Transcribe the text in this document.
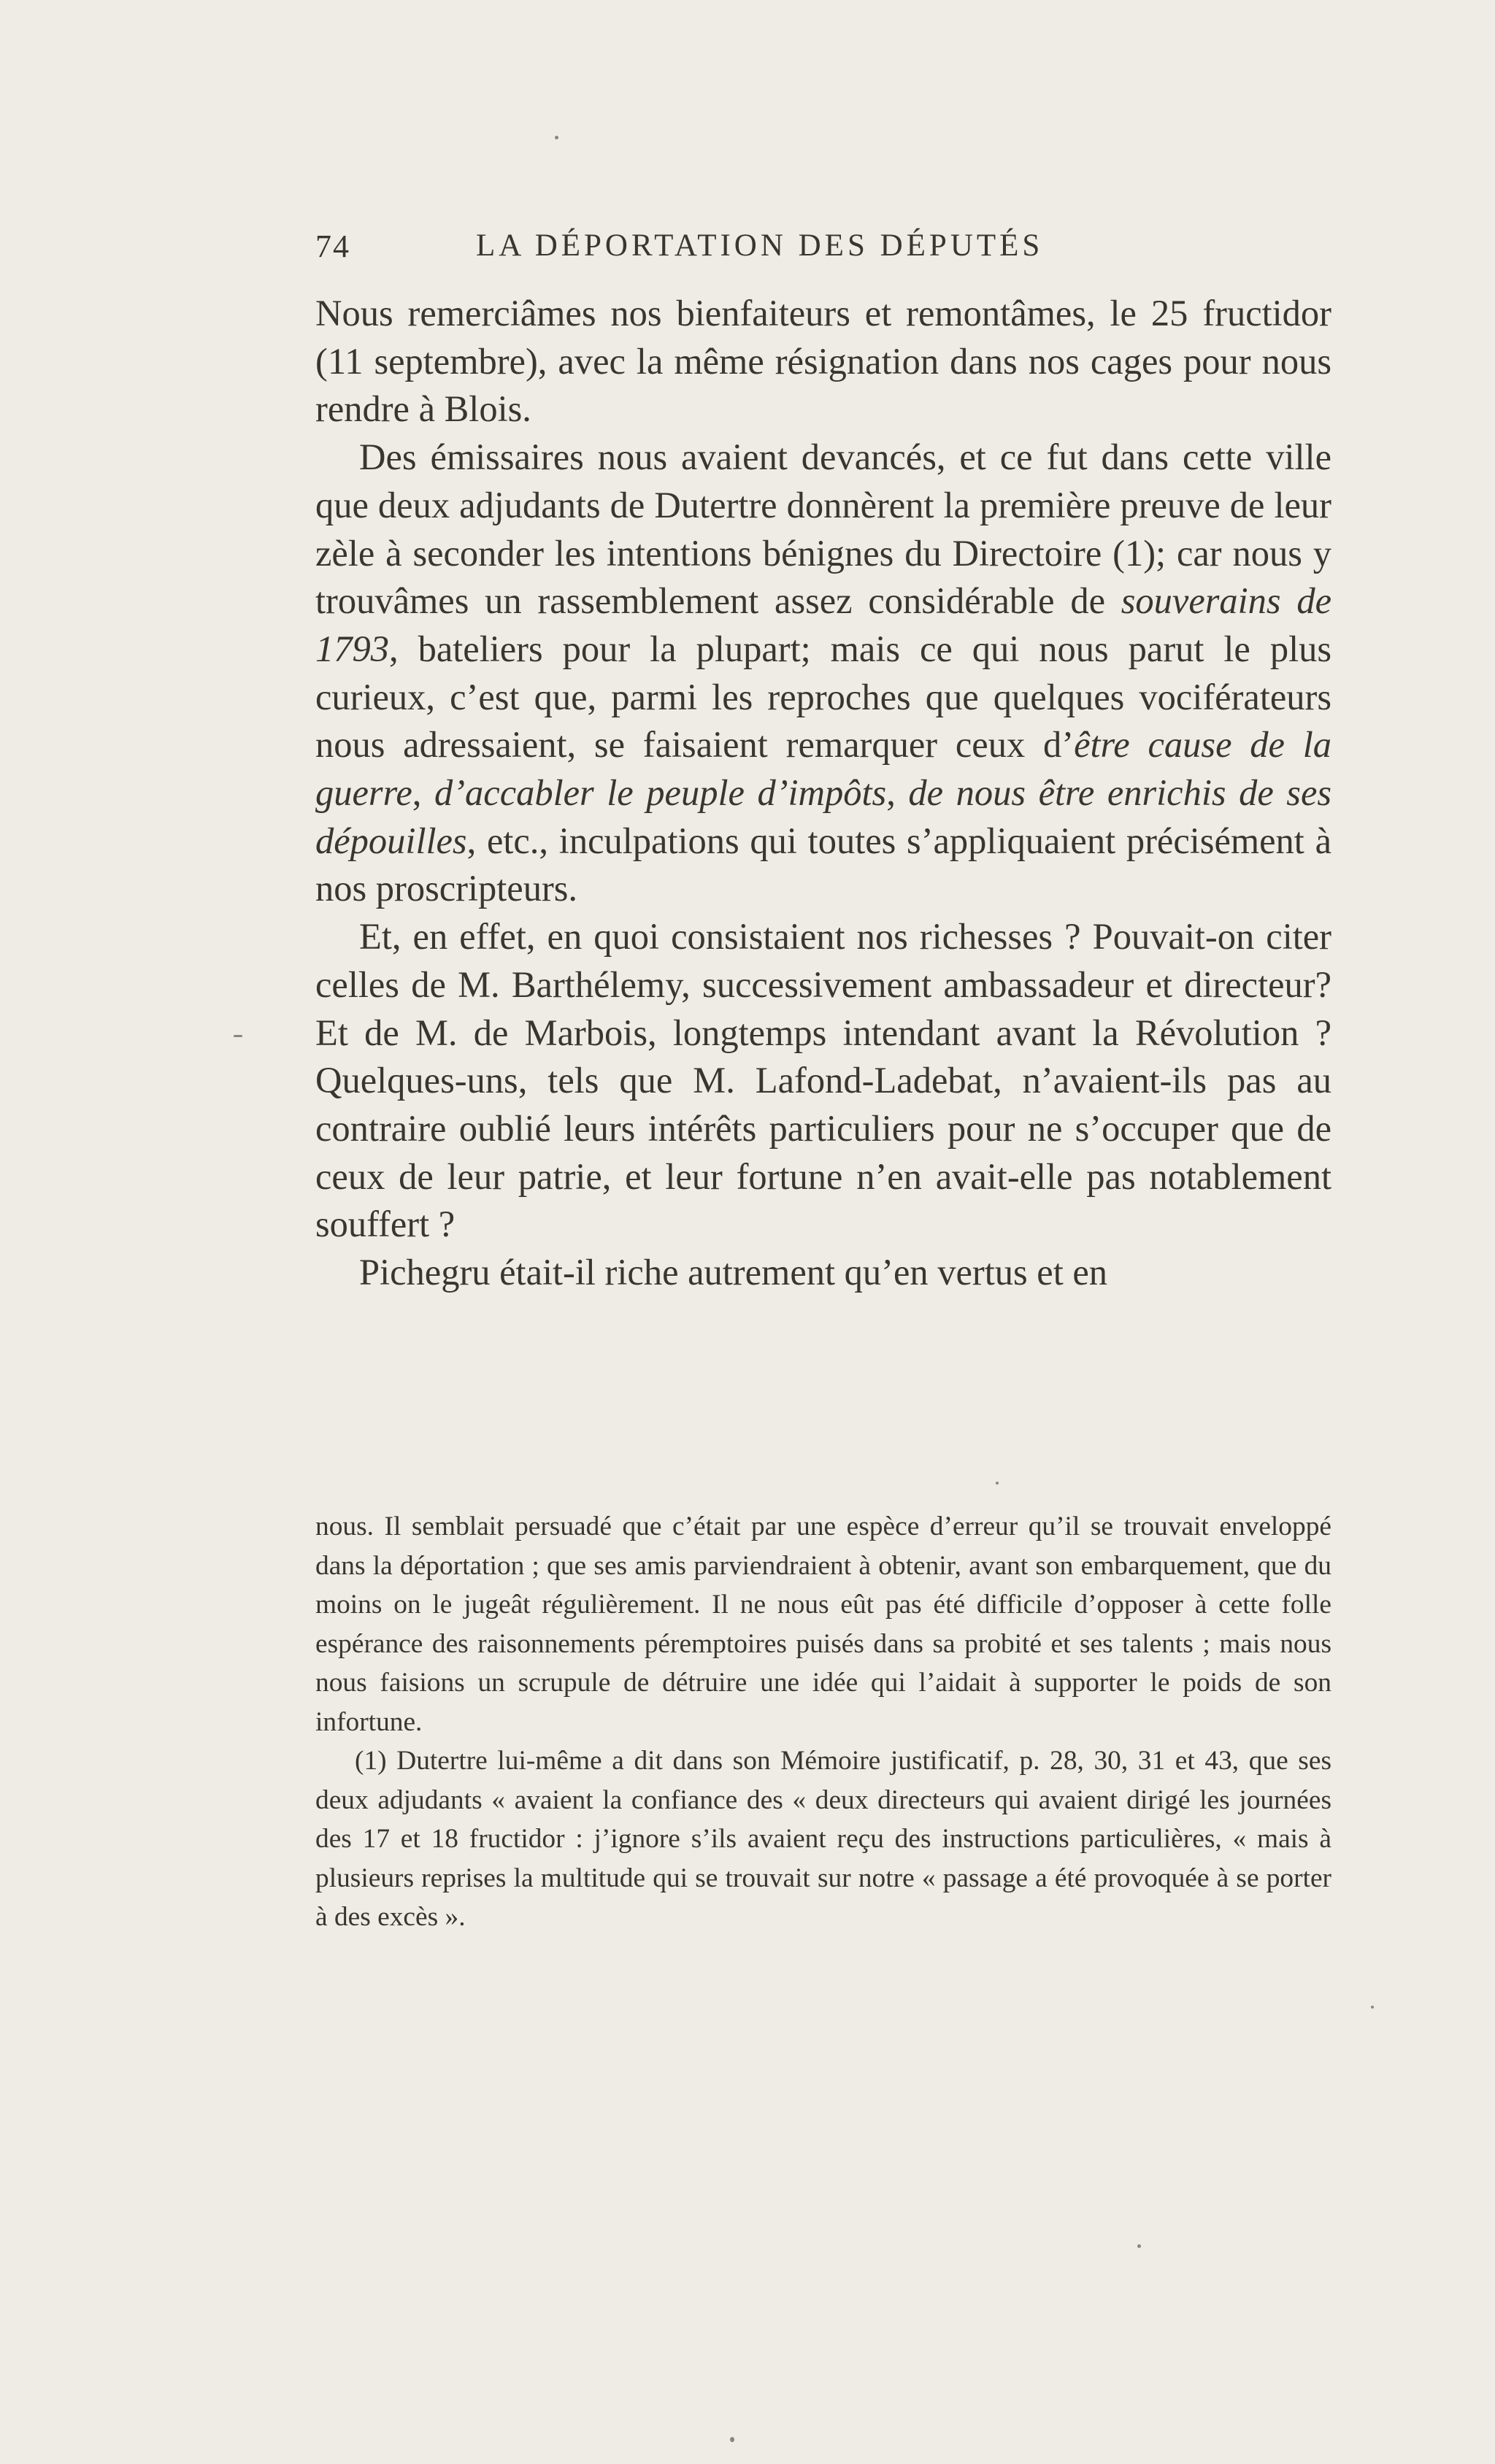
74	LA DÉPORTATION DES DÉPUTÉS

Nous remerciâmes nos bienfaiteurs et remontâmes, le 25 fructidor (11 septembre), avec la même résignation dans nos cages pour nous rendre à Blois.

Des émissaires nous avaient devancés, et ce fut dans cette ville que deux adjudants de Dutertre donnèrent la première preuve de leur zèle à seconder les intentions bénignes du Directoire (1); car nous y trouvâmes un rassemblement assez considérable de souverains de 1793, bateliers pour la plupart; mais ce qui nous parut le plus curieux, c’est que, parmi les reproches que quelques vociférateurs nous adressaient, se faisaient remarquer ceux d’être cause de la guerre, d’accabler le peuple d’impôts, de nous être enrichis de ses dépouilles, etc., inculpations qui toutes s’appliquaient précisément à nos proscripteurs.

Et, en effet, en quoi consistaient nos richesses ? Pouvait-on citer celles de M. Barthélemy, successivement ambassadeur et directeur? Et de M. de Marbois, longtemps intendant avant la Révolution ? Quelques-uns, tels que M. Lafond-Ladebat, n’avaient-ils pas au contraire oublié leurs intérêts particuliers pour ne s’occuper que de ceux de leur patrie, et leur fortune n’en avait-elle pas notablement souffert ?

Pichegru était-il riche autrement qu’en vertus et en

nous. Il semblait persuadé que c’était par une espèce d’erreur qu’il se trouvait enveloppé dans la déportation ; que ses amis parviendraient à obtenir, avant son embarquement, que du moins on le jugeât régulièrement. Il ne nous eût pas été difficile d’opposer à cette folle espérance des raisonnements péremptoires puisés dans sa probité et ses talents ; mais nous nous faisions un scrupule de détruire une idée qui l’aidait à supporter le poids de son infortune.

(1) Dutertre lui-même a dit dans son Mémoire justificatif, p. 28, 30, 31 et 43, que ses deux adjudants « avaient la confiance des « deux directeurs qui avaient dirigé les journées des 17 et 18 fructidor : j’ignore s’ils avaient reçu des instructions particulières, « mais à plusieurs reprises la multitude qui se trouvait sur notre « passage a été provoquée à se porter à des excès ».
